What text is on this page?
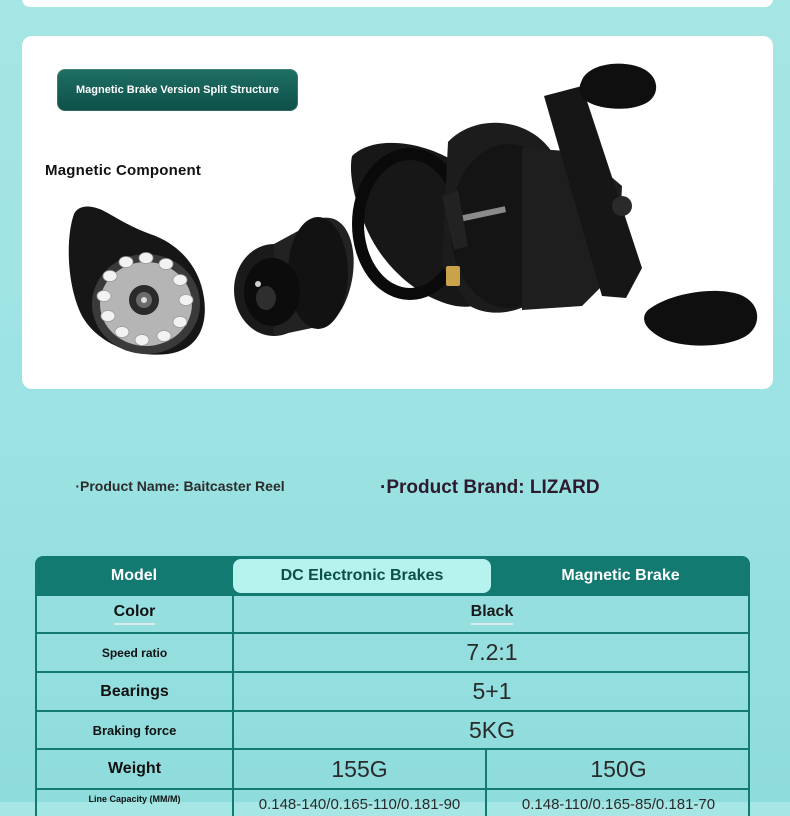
Magnetic Brake Version Split Structure
Magnetic Component
·Product Name: Baitcaster Reel	·Product Brand: LIZARD
Model	DC Electronic Brakes	Magnetic Brake
Color	Black
Speed ratio	7.2:1
Bearings	5+1
Braking force	5KG
Weight	155G	150G
Line Capacity (MM/M)	0.148-140/0.165-110/0.181-90	0.148-110/0.165-85/0.181-70
